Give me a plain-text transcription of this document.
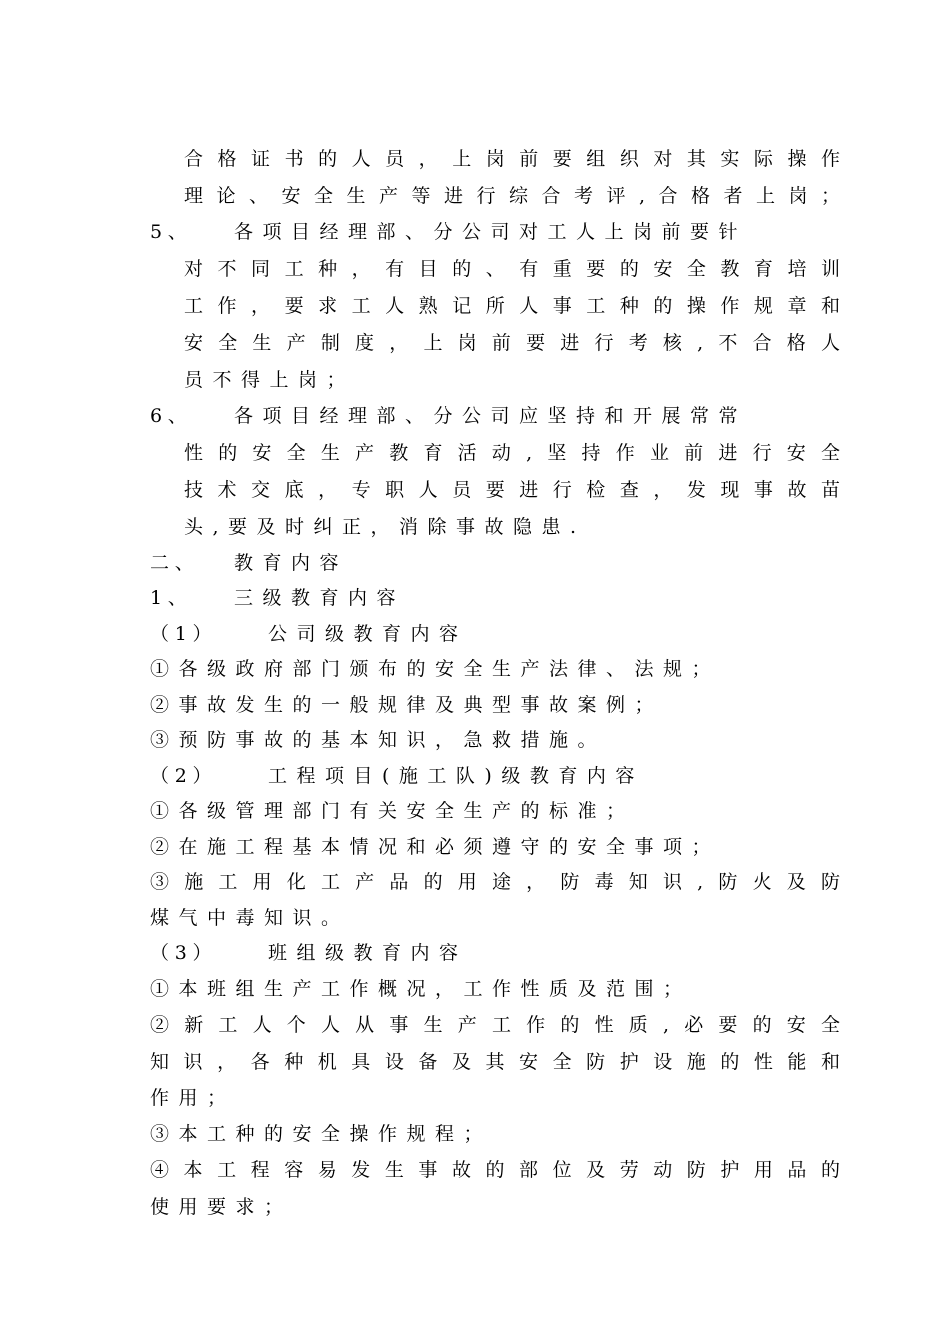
合格证书的人员，上岗前要组织对其实际操作
理论、安全生产等进行综合考评,合格者上岗；
5、 各项目经理部、分公司对工人上岗前要针
对不同工种，有目的、有重要的安全教育培训
工作，要求工人熟记所人事工种的操作规章和
安全生产制度，上岗前要进行考核,不合格人
员不得上岗；
6、 各项目经理部、分公司应坚持和开展常常
性的安全生产教育活动,坚持作业前进行安全
技术交底，专职人员要进行检查，发现事故苗
头,要及时纠正，消除事故隐患.
二、 教育内容
1、 三级教育内容
（1）	公司级教育内容
①各级政府部门颁布的安全生产法律、法规；
②事故发生的一般规律及典型事故案例；
③预防事故的基本知识，急救措施。
（2）	工程项目(施工队)级教育内容
①各级管理部门有关安全生产的标准；
②在施工程基本情况和必须遵守的安全事项；
③施工用化工产品的用途，防毒知识,防火及防
煤气中毒知识。
（3）	班组级教育内容
①本班组生产工作概况，工作性质及范围；
②新工人个人从事生产工作的性质,必要的安全
知识，各种机具设备及其安全防护设施的性能和
作用；
③本工种的安全操作规程；
④本工程容易发生事故的部位及劳动防护用品的
使用要求；
